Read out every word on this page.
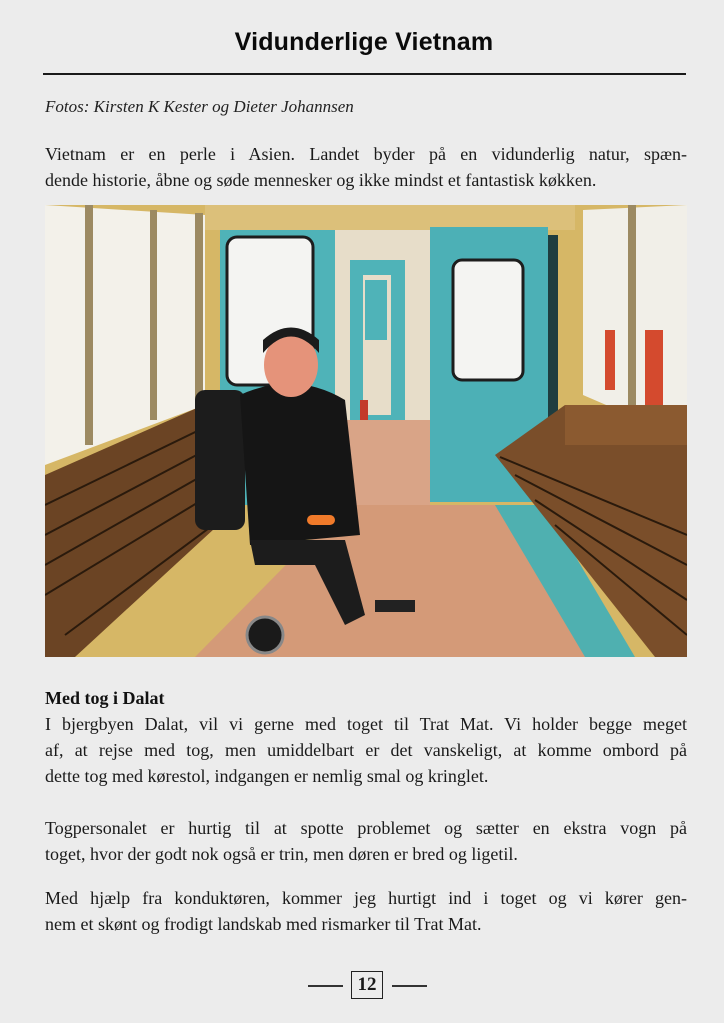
Vidunderlige Vietnam
Fotos: Kirsten K Kester og Dieter Johannsen
Vietnam er en perle i Asien. Landet byder på en vidunderlig natur, spæn-
dende historie, åbne og søde mennesker og ikke mindst et fantastisk køkken.
Med tog i Dalat
I bjergbyen Dalat, vil vi gerne med toget til Trat Mat. Vi holder begge meget
af, at rejse med tog, men umiddelbart er det vanskeligt, at komme ombord på
dette tog med kørestol, indgangen er nemlig smal og kringlet.
Togpersonalet er hurtig til at spotte problemet og sætter en ekstra vogn på
toget, hvor der godt nok også er trin, men døren er bred og ligetil.
Med hjælp fra konduktøren, kommer jeg hurtigt ind i toget og vi kører gen-
nem et skønt og frodigt landskab med rismarker til Trat Mat.
12
